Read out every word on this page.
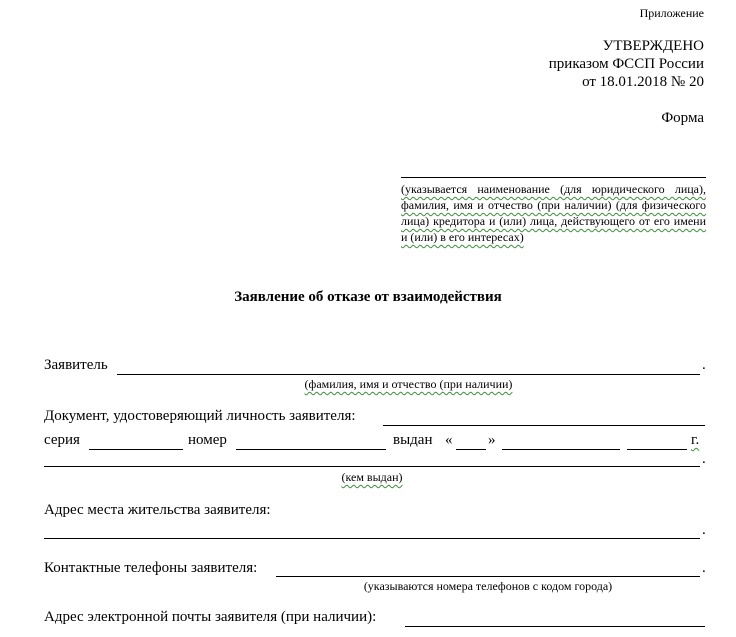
Приложение
УТВЕРЖДЕНО
приказом ФССП России
от 18.01.2018 № 20
Форма
(указывается наименование (для юридического лица), фамилия, имя и отчество (при наличии) (для физического лица) кредитора и (или) лица, действующего от его имени и (или) в его интересах)
Заявление об отказе от взаимодействия
Заявитель	.
(фамилия, имя и отчество (при наличии)
Документ, удостоверяющий личность заявителя:
серия	номер	выдан « »	г.
.
(кем выдан)
Адрес места жительства заявителя:
.
Контактные телефоны заявителя:	.
(указываются номера телефонов с кодом города)
Адрес электронной почты заявителя (при наличии):
